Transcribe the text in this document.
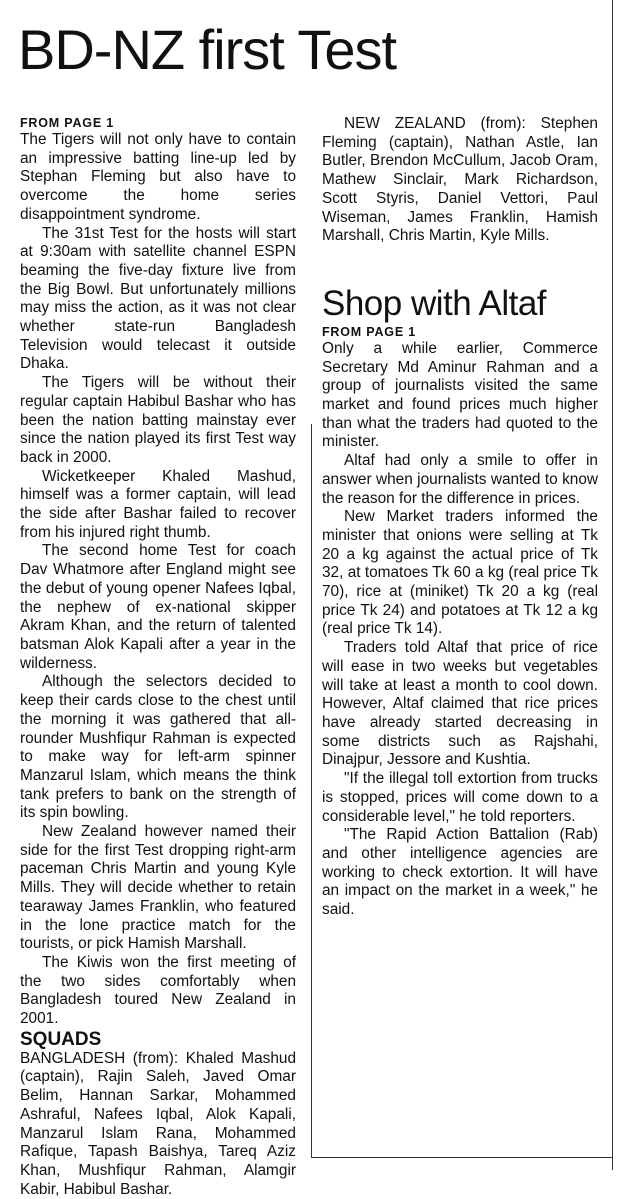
BD-NZ first Test
FROM PAGE 1

The Tigers will not only have to contain an impressive batting line-up led by Stephan Fleming but also have to overcome the home series disappointment syndrome.

The 31st Test for the hosts will start at 9:30am with satellite channel ESPN beaming the five-day fixture live from the Big Bowl. But unfortunately millions may miss the action, as it was not clear whether state-run Bangladesh Television would telecast it outside Dhaka.

The Tigers will be without their regular captain Habibul Bashar who has been the nation batting mainstay ever since the nation played its first Test way back in 2000.

Wicketkeeper Khaled Mashud, himself was a former captain, will lead the side after Bashar failed to recover from his injured right thumb.

The second home Test for coach Dav Whatmore after England might see the debut of young opener Nafees Iqbal, the nephew of ex-national skipper Akram Khan, and the return of talented batsman Alok Kapali after a year in the wilderness.

Although the selectors decided to keep their cards close to the chest until the morning it was gathered that all-rounder Mushfiqur Rahman is expected to make way for left-arm spinner Manzarul Islam, which means the think tank prefers to bank on the strength of its spin bowling.

New Zealand however named their side for the first Test dropping right-arm paceman Chris Martin and young Kyle Mills. They will decide whether to retain tearaway James Franklin, who featured in the lone practice match for the tourists, or pick Hamish Marshall.

The Kiwis won the first meeting of the two sides comfortably when Bangladesh toured New Zealand in 2001.

SQUADS

BANGLADESH (from): Khaled Mashud (captain), Rajin Saleh, Javed Omar Belim, Hannan Sarkar, Mohammed Ashraful, Nafees Iqbal, Alok Kapali, Manzarul Islam Rana, Mohammed Rafique, Tapash Baishya, Tareq Aziz Khan, Mushfiqur Rahman, Alamgir Kabir, Habibul Bashar.

NEW ZEALAND (from): Stephen Fleming (captain), Nathan Astle, Ian Butler, Brendon McCullum, Jacob Oram, Mathew Sinclair, Mark Richardson, Scott Styris, Daniel Vettori, Paul Wiseman, James Franklin, Hamish Marshall, Chris Martin, Kyle Mills.

Shop with Altaf
FROM PAGE 1

Only a while earlier, Commerce Secretary Md Aminur Rahman and a group of journalists visited the same market and found prices much higher than what the traders had quoted to the minister.

Altaf had only a smile to offer in answer when journalists wanted to know the reason for the difference in prices.

New Market traders informed the minister that onions were selling at Tk 20 a kg against the actual price of Tk 32, at tomatoes Tk 60 a kg (real price Tk 70), rice at (miniket) Tk 20 a kg (real price Tk 24) and potatoes at Tk 12 a kg (real price Tk 14).

Traders told Altaf that price of rice will ease in two weeks but vegetables will take at least a month to cool down. However, Altaf claimed that rice prices have already started decreasing in some districts such as Rajshahi, Dinajpur, Jessore and Kushtia.

"If the illegal toll extortion from trucks is stopped, prices will come down to a considerable level," he told reporters.

"The Rapid Action Battalion (Rab) and other intelligence agencies are working to check extortion. It will have an impact on the market in a week," he said.
